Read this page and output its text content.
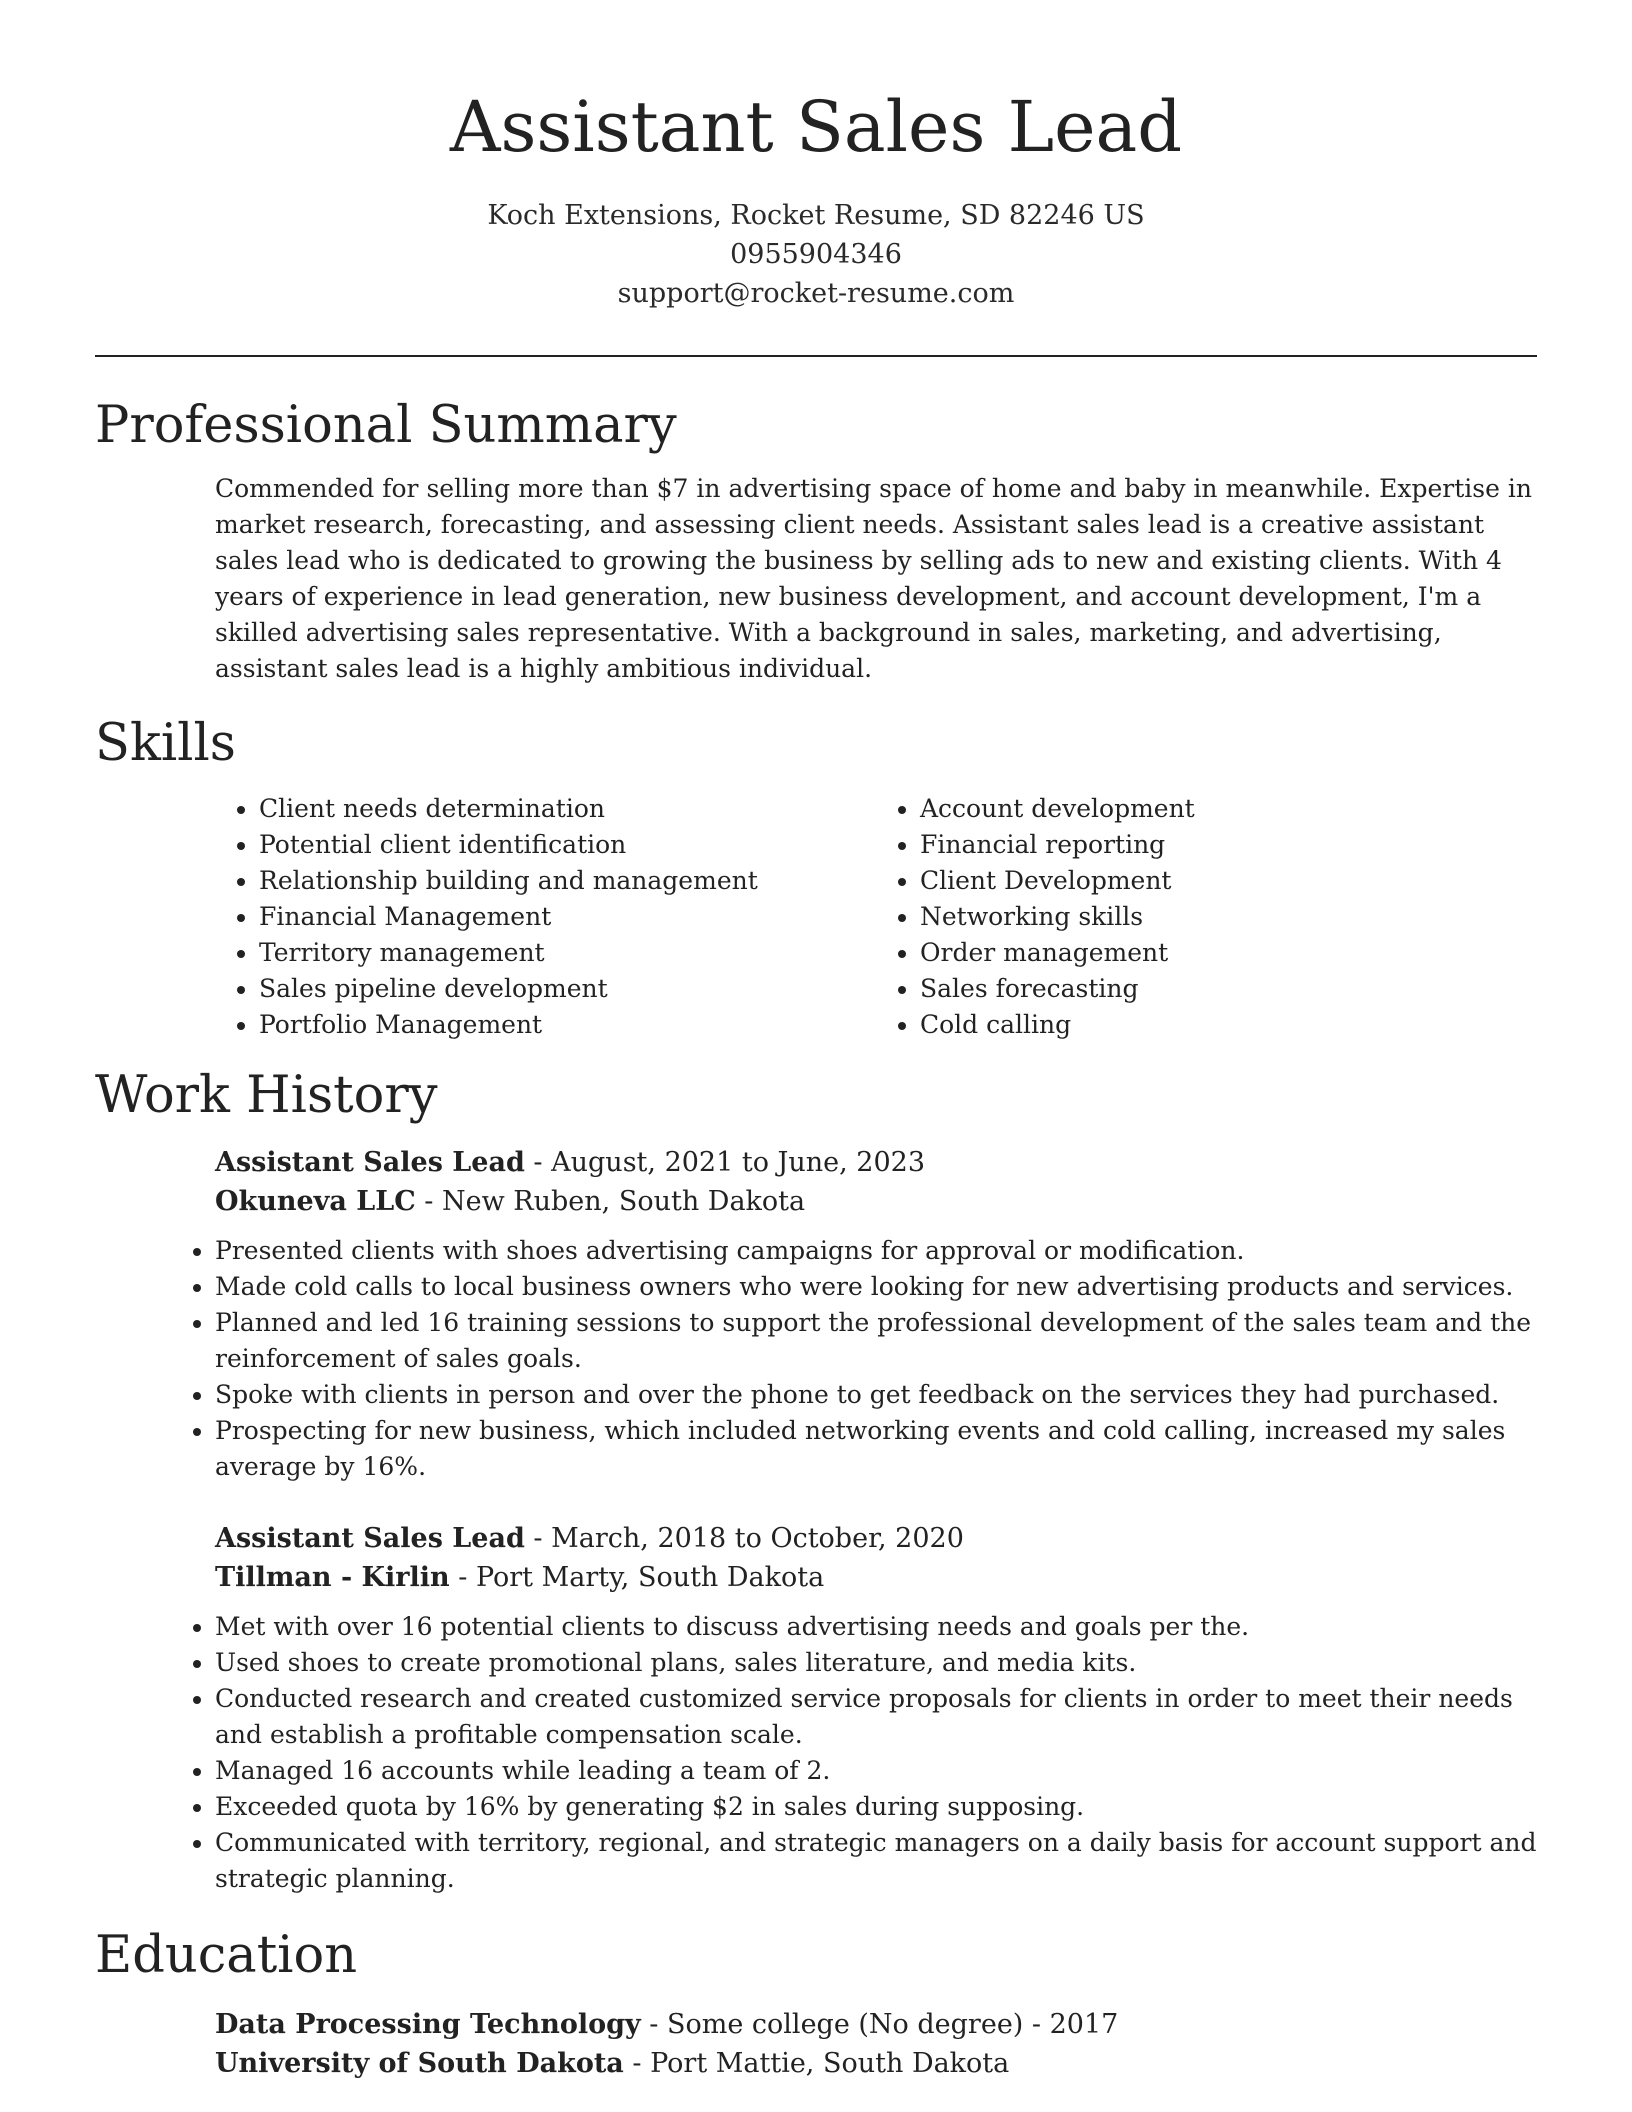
Assistant Sales Lead
Koch Extensions, Rocket Resume, SD 82246 US
0955904346
support@rocket-resume.com
Professional Summary

Commended for selling more than $7 in advertising space of home and baby in meanwhile. Expertise in market research, forecasting, and assessing client needs. Assistant sales lead is a creative assistant sales lead who is dedicated to growing the business by selling ads to new and existing clients. With 4 years of experience in lead generation, new business development, and account development, I'm a skilled advertising sales representative. With a background in sales, marketing, and advertising, assistant sales lead is a highly ambitious individual.

Skills
• Client needs determination
• Potential client identification
• Relationship building and management
• Financial Management
• Territory management
• Sales pipeline development
• Portfolio Management
• Account development
• Financial reporting
• Client Development
• Networking skills
• Order management
• Sales forecasting
• Cold calling
Work History
Assistant Sales Lead - August, 2021 to June, 2023
Okuneva LLC - New Ruben, South Dakota
• Presented clients with shoes advertising campaigns for approval or modification.
• Made cold calls to local business owners who were looking for new advertising products and services.
• Planned and led 16 training sessions to support the professional development of the sales team and the reinforcement of sales goals.
• Spoke with clients in person and over the phone to get feedback on the services they had purchased.
• Prospecting for new business, which included networking events and cold calling, increased my sales average by 16%.
Assistant Sales Lead - March, 2018 to October, 2020
Tillman - Kirlin - Port Marty, South Dakota
• Met with over 16 potential clients to discuss advertising needs and goals per the.
• Used shoes to create promotional plans, sales literature, and media kits.
• Conducted research and created customized service proposals for clients in order to meet their needs and establish a profitable compensation scale.
• Managed 16 accounts while leading a team of 2.
• Exceeded quota by 16% by generating $2 in sales during supposing.
• Communicated with territory, regional, and strategic managers on a daily basis for account support and strategic planning.
Education
Data Processing Technology - Some college (No degree) - 2017
University of South Dakota - Port Mattie, South Dakota
